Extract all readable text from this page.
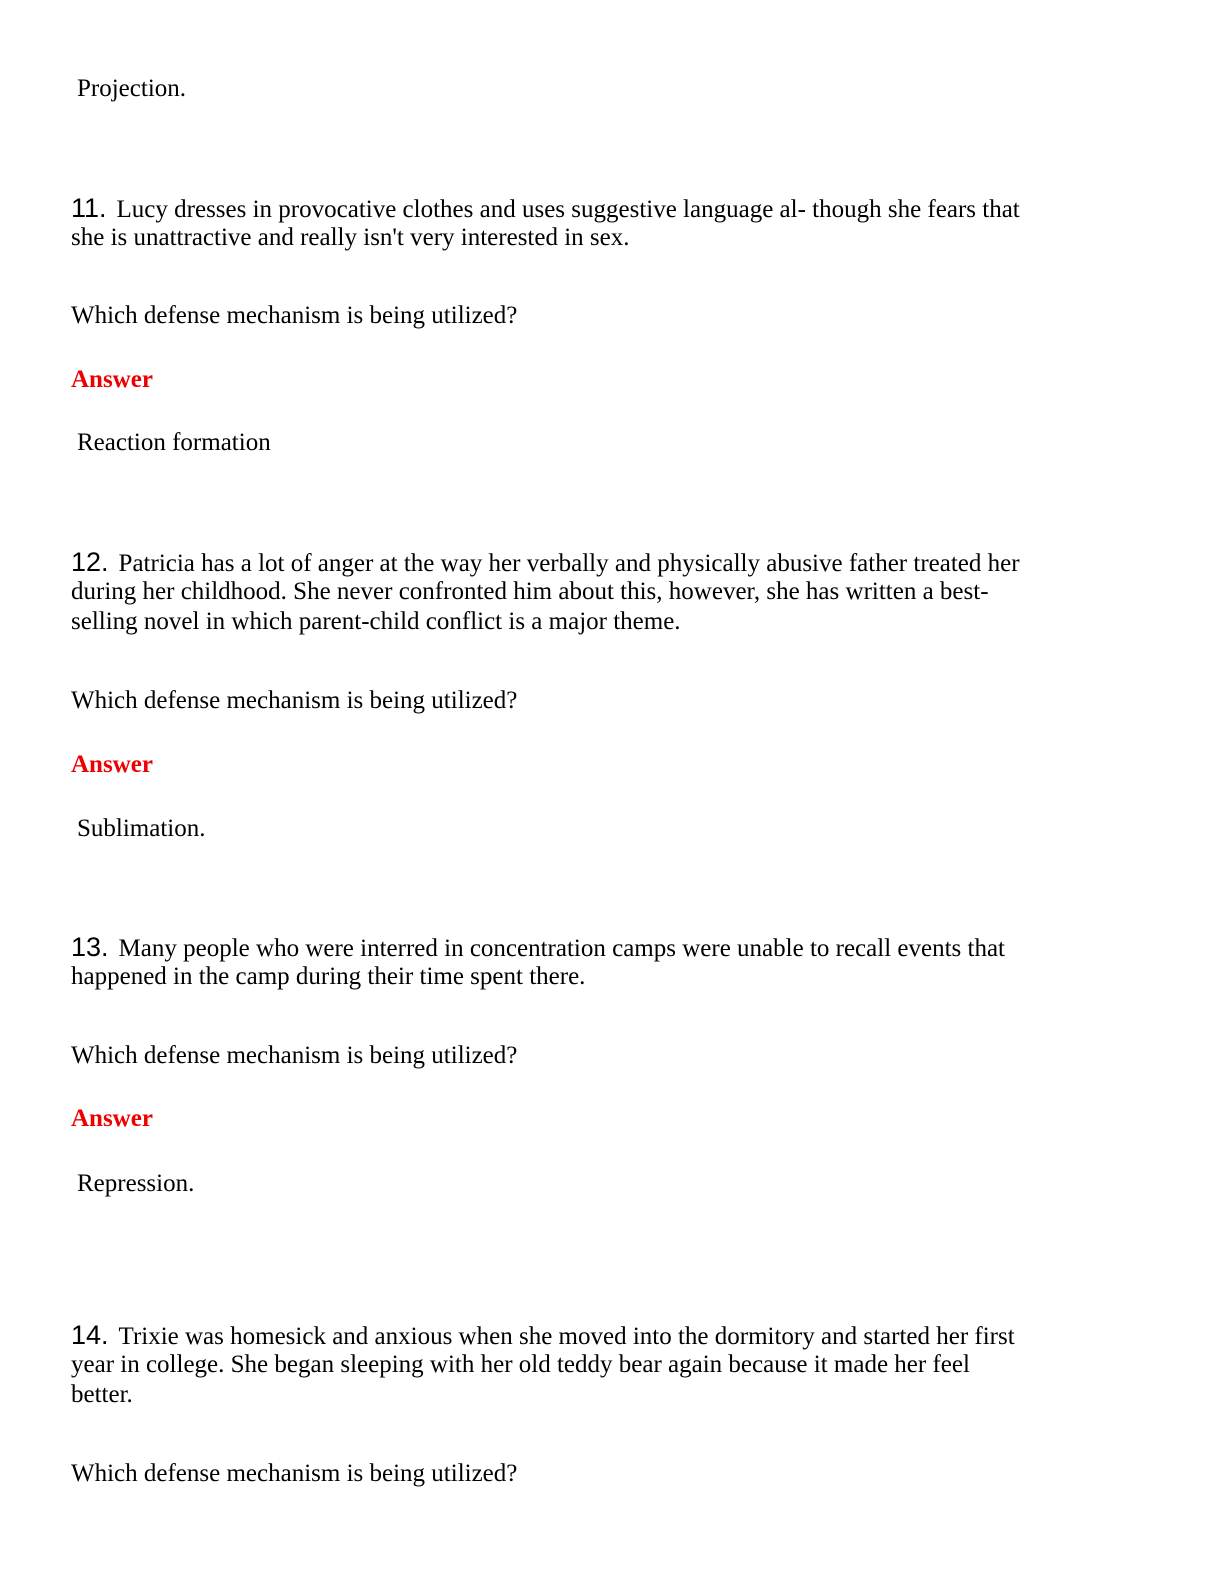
Projection.
11. Lucy dresses in provocative clothes and uses suggestive language al- though she fears that
she is unattractive and really isn't very interested in sex.
Which defense mechanism is being utilized?
Answer
Reaction formation
12. Patricia has a lot of anger at the way her verbally and physically abusive father treated her
during her childhood. She never confronted him about this, however, she has written a best-
selling novel in which parent-child conflict is a major theme.
Which defense mechanism is being utilized?
Answer
Sublimation.
13. Many people who were interred in concentration camps were unable to recall events that
happened in the camp during their time spent there.
Which defense mechanism is being utilized?
Answer
Repression.
14. Trixie was homesick and anxious when she moved into the dormitory and started her first
year in college. She began sleeping with her old teddy bear again because it made her feel
better.
Which defense mechanism is being utilized?
